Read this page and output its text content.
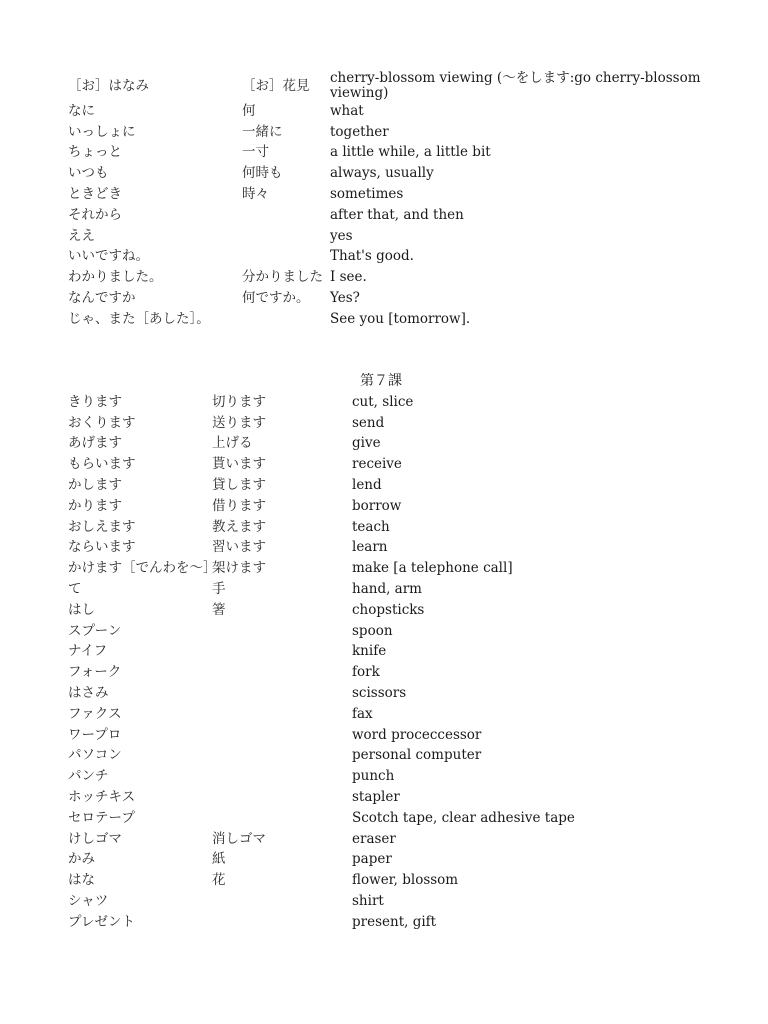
［お］はなみ	［お］花見	cherry-blossom viewing (〜をします:go cherry-blossom viewing)
なに	何	what
いっしょに	一緒に	together
ちょっと	一寸	a little while, a little bit
いつも	何時も	always, usually
ときどき	時々	sometimes
それから		after that, and then
ええ		yes
いいですね。		That's good.
わかりました。	分かりました	I see.
なんですか	何ですか。	Yes?
じゃ、また［あした］。		See you [tomorrow].
第７課
きります	切ります	cut, slice
おくります	送ります	send
あげます	上げる	give
もらいます	貰います	receive
かします	貸します	lend
かります	借ります	borrow
おしえます	教えます	teach
ならいます	習います	learn
かけます［でんわを〜］	架けます	make [a telephone call]
て	手	hand, arm
はし	箸	chopsticks
スプーン		spoon
ナイフ		knife
フォーク		fork
はさみ		scissors
ファクス		fax
ワープロ		word proceccessor
パソコン		personal computer
パンチ		punch
ホッチキス		stapler
セロテープ		Scotch tape, clear adhesive tape
けしゴマ	消しゴマ	eraser
かみ	紙	paper
はな	花	flower, blossom
シャツ		shirt
プレゼント		present, gift
